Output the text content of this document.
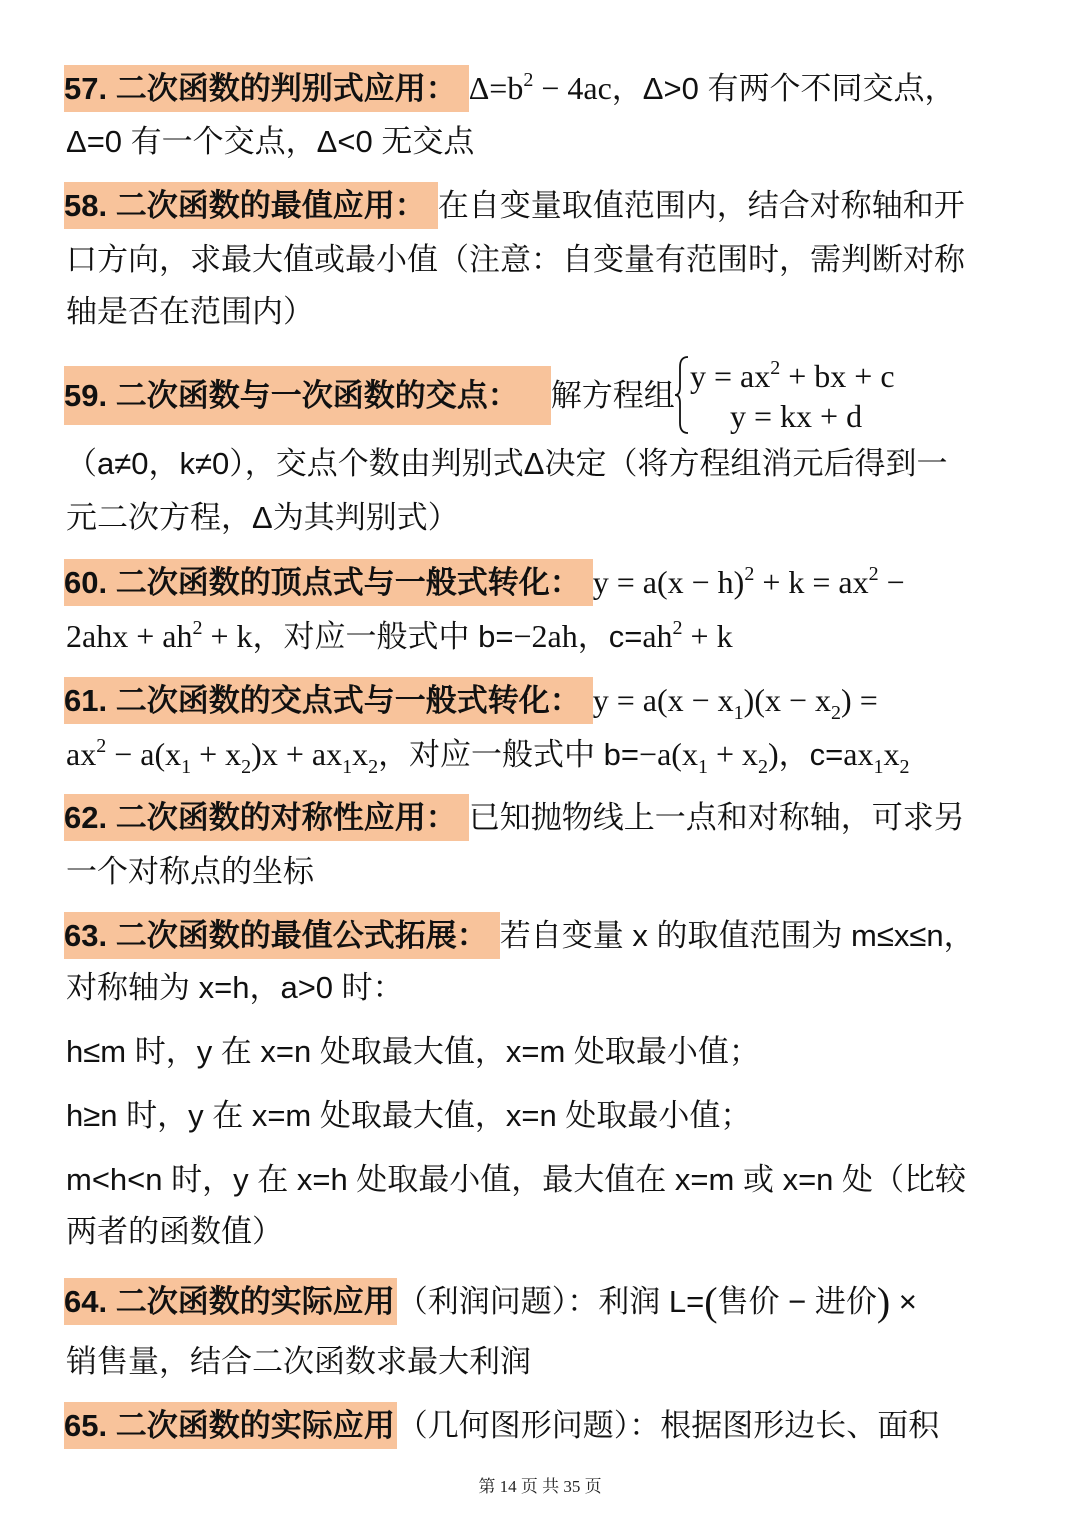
57. 二次函数的判别式应用： $\Delta=b^2 - 4ac$，Δ>0 有两个不同交点，
Δ=0 有一个交点，Δ<0 无交点
58. 二次函数的最值应用： 在自变量取值范围内，结合对称轴和开
口方向，求最大值或最小值（注意：自变量有范围时，需判断对称
轴是否在范围内）
59. 二次函数与一次函数的交点： 解方程组
$y = ax^2$ + bx + c
y = kx + d
（a≠0，k≠0），交点个数由判别式Δ决定（将方程组消元后得到一
元二次方程，Δ为其判别式）
60. 二次函数的顶点式与一般式转化： $y = a(x - h)^2 + k = ax^2$ −
$2ahx + ah^2 + k$，对应一般式中 b=−2ah，$c=ah^2 + k$
61. 二次函数的交点式与一般式转化： $y = a(x - x_1)(x - x_2)$ =
$ax^2 - a(x_1 + x_2)x + ax_1x_2$，对应一般式中 $b=-a(x_1 + x_2)$，$c=ax_1x_2$
62. 二次函数的对称性应用： 已知抛物线上一点和对称轴，可求另
一个对称点的坐标
63. 二次函数的最值公式拓展： 若自变量 x 的取值范围为 m≤x≤n，
对称轴为 x=h，a>0 时：
h≤m 时，y 在 x=n 处取最大值，x=m 处取最小值；
h≥n 时，y 在 x=m 处取最大值，x=n 处取最小值；
m<h<n 时，y 在 x=h 处取最小值，最大值在 x=m 或 x=n 处（比较
两者的函数值）
64. 二次函数的实际应用（利润问题）：利润 L=(售价 − 进价) ×
销售量，结合二次函数求最大利润
65. 二次函数的实际应用（几何图形问题）：根据图形边长、面积
第 14 页 共 35 页
